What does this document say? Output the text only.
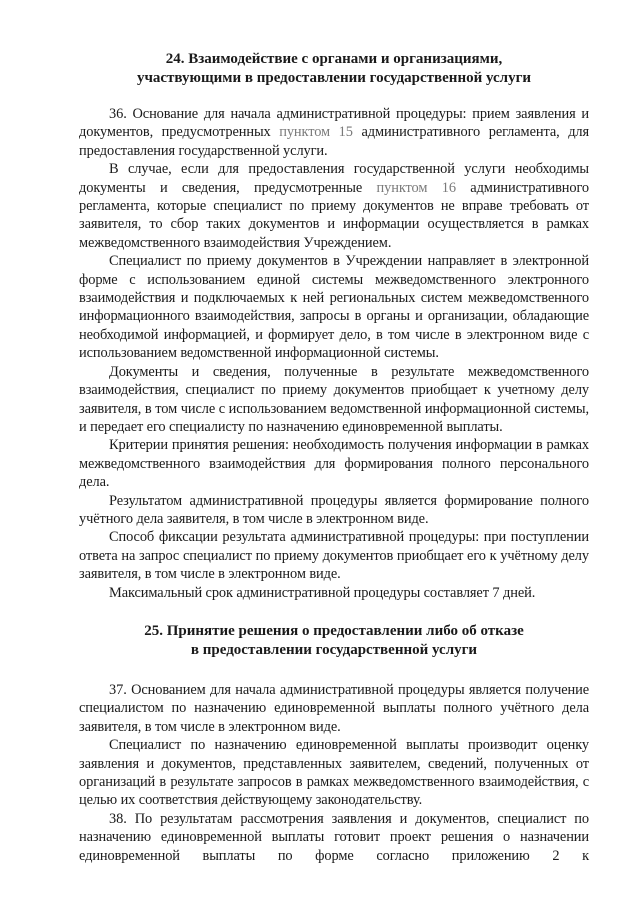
24. Взаимодействие с органами и организациями,
участвующими в предоставлении государственной услуги

36. Основание для начала административной процедуры: прием заявления и документов, предусмотренных пунктом 15 административного регламента, для предоставления государственной услуги.

В случае, если для предоставления государственной услуги необходимы документы и сведения, предусмотренные пунктом 16 административного регламента, которые специалист по приему документов не вправе требовать от заявителя, то сбор таких документов и информации осуществляется в рамках межведомственного взаимодействия Учреждением.

Специалист по приему документов в Учреждении направляет в электронной форме с использованием единой системы межведомственного электронного взаимодействия и подключаемых к ней региональных систем межведомственного информационного взаимодействия, запросы в органы и организации, обладающие необходимой информацией, и формирует дело, в том числе в электронном виде с использованием ведомственной информационной системы.

Документы и сведения, полученные в результате межведомственного взаимодействия, специалист по приему документов приобщает к учетному делу заявителя, в том числе с использованием ведомственной информационной системы, и передает его специалисту по назначению единовременной выплаты.

Критерии принятия решения: необходимость получения информации в рамках межведомственного взаимодействия для формирования полного персонального дела.

Результатом административной процедуры является формирование полного учётного дела заявителя, в том числе в электронном виде.

Способ фиксации результата административной процедуры: при поступлении ответа на запрос специалист по приему документов приобщает его к учётному делу заявителя, в том числе в электронном виде.

Максимальный срок административной процедуры составляет 7 дней.

25. Принятие решения о предоставлении либо об отказе
в предоставлении государственной услуги

37. Основанием для начала административной процедуры является получение специалистом по назначению единовременной выплаты полного учётного дела заявителя, в том числе в электронном виде.

Специалист по назначению единовременной выплаты производит оценку заявления и документов, представленных заявителем, сведений, полученных от организаций в результате запросов в рамках межведомственного взаимодействия, с целью их соответствия действующему законодательству.

38. По результатам рассмотрения заявления и документов, специалист по назначению единовременной выплаты готовит проект решения о назначении единовременной выплаты по форме согласно приложению 2 к
